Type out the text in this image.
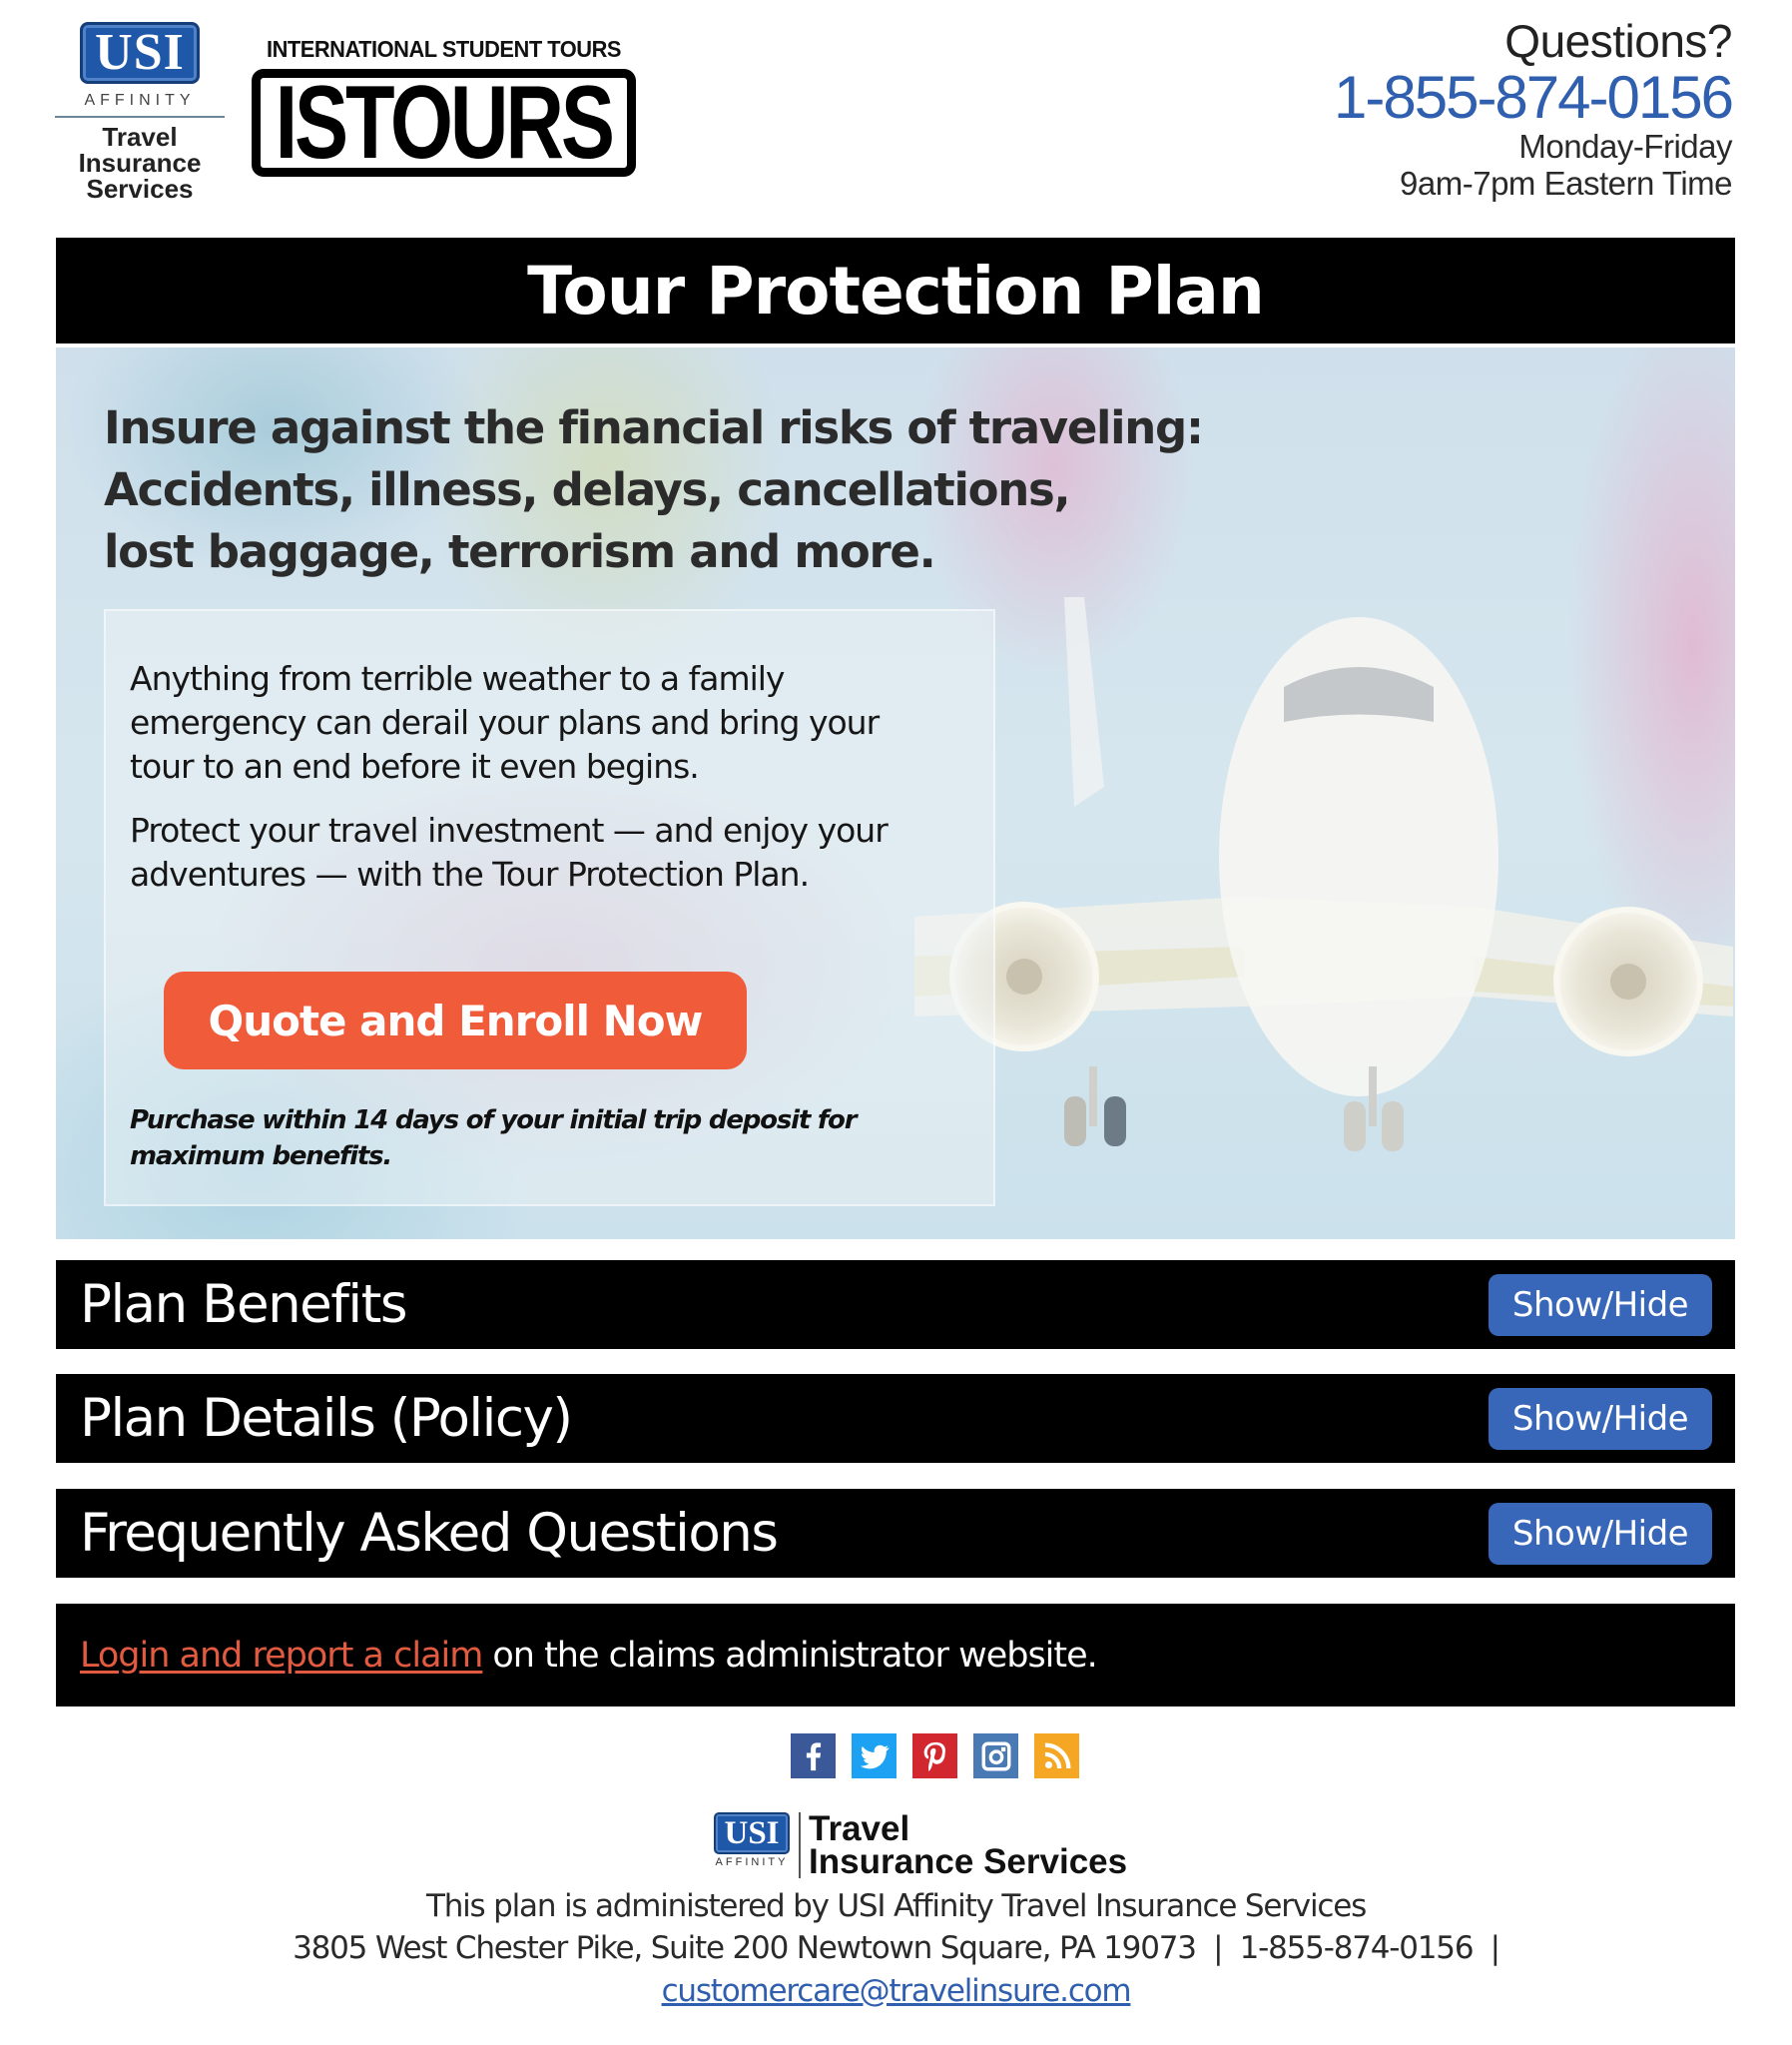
USI
AFFINITY
Travel
Insurance
Services
INTERNATIONAL STUDENT TOURS
ISTOURS
Questions?
1-855-874-0156
Monday-Friday
9am-7pm Eastern Time
Tour Protection Plan
Insure against the financial risks of traveling:
Accidents, illness, delays, cancellations,
lost baggage, terrorism and more.
Anything from terrible weather to a family emergency can derail your plans and bring your tour to an end before it even begins.
Protect your travel investment — and enjoy your adventures — with the Tour Protection Plan.
Quote and Enroll Now
Purchase within 14 days of your initial trip deposit for maximum benefits.
Plan Benefits	Show/Hide
Plan Details (Policy)	Show/Hide
Frequently Asked Questions	Show/Hide
Login and report a claim on the claims administrator website.
USI
AFFINITY
Travel
Insurance Services
This plan is administered by USI Affinity Travel Insurance Services
3805 West Chester Pike, Suite 200 Newtown Square, PA 19073  |  1-855-874-0156  |
customercare@travelinsure.com
